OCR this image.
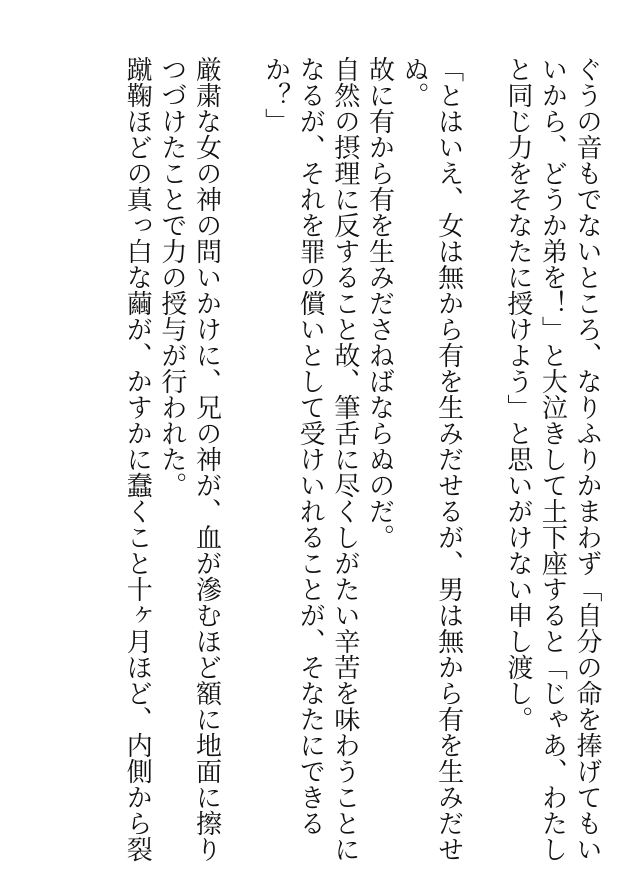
ぐうの音もでないところ、なりふりかまわず「自分の命を捧げてもい
いから、どうか弟を！」と大泣きして土下座すると「じゃあ、わたし
と同じ力をそなたに授けよう」と思いがけない申し渡し。
「とはいえ、女は無から有を生みだせるが、男は無から有を生みだせ
ぬ。
故に有から有を生みださねばならぬのだ。
自然の摂理に反すること故、筆舌に尽くしがたい辛苦を味わうことに
なるが、それを罪の償いとして受けいれることが、そなたにできる
か？」
厳粛な女の神の問いかけに、兄の神が、血が滲むほど額に地面に擦り
つづけたことで力の授与が行われた。
蹴鞠ほどの真っ白な繭が、かすかに蠢くこと十ヶ月ほど、内側から裂
